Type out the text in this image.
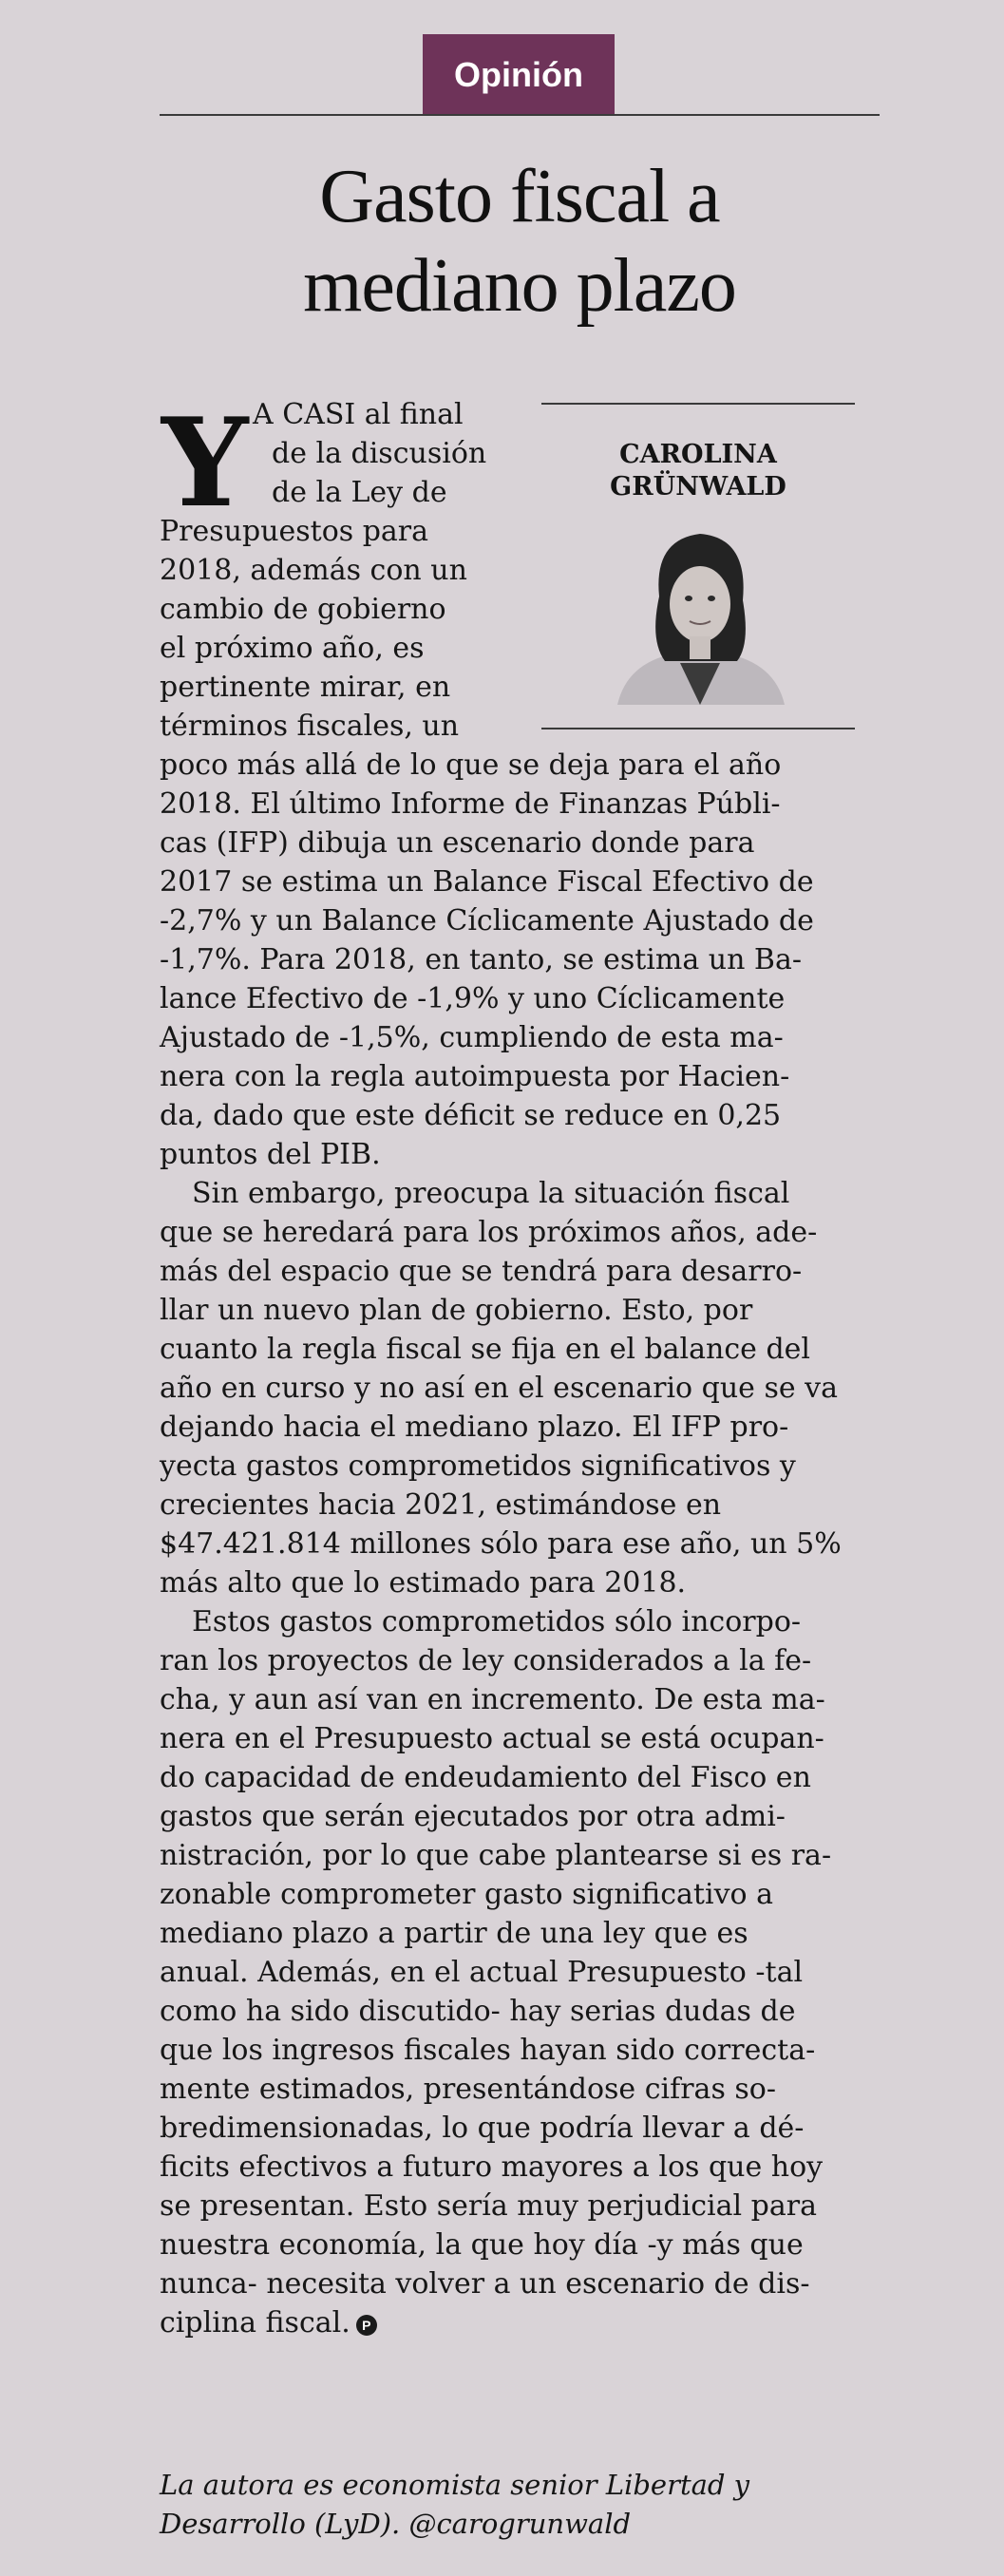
Opinión
Gasto fiscal a
mediano plazo
Y A CASI al final
de la discusión
de la Ley de
Presupuestos para
2018, además con un
cambio de gobierno
el próximo año, es
pertinente mirar, en
términos fiscales, un
CAROLINA
GRÜNWALD
poco más allá de lo que se deja para el año
2018. El último Informe de Finanzas Públi-
cas (IFP) dibuja un escenario donde para
2017 se estima un Balance Fiscal Efectivo de
-2,7% y un Balance Cíclicamente Ajustado de
-1,7%. Para 2018, en tanto, se estima un Ba-
lance Efectivo de -1,9% y uno Cíclicamente
Ajustado de -1,5%, cumpliendo de esta ma-
nera con la regla autoimpuesta por Hacien-
da, dado que este déficit se reduce en 0,25
puntos del PIB.
Sin embargo, preocupa la situación fiscal
que se heredará para los próximos años, ade-
más del espacio que se tendrá para desarro-
llar un nuevo plan de gobierno. Esto, por
cuanto la regla fiscal se fija en el balance del
año en curso y no así en el escenario que se va
dejando hacia el mediano plazo. El IFP pro-
yecta gastos comprometidos significativos y
crecientes hacia 2021, estimándose en
$47.421.814 millones sólo para ese año, un 5%
más alto que lo estimado para 2018.
Estos gastos comprometidos sólo incorpo-
ran los proyectos de ley considerados a la fe-
cha, y aun así van en incremento. De esta ma-
nera en el Presupuesto actual se está ocupan-
do capacidad de endeudamiento del Fisco en
gastos que serán ejecutados por otra admi-
nistración, por lo que cabe plantearse si es ra-
zonable comprometer gasto significativo a
mediano plazo a partir de una ley que es
anual. Además, en el actual Presupuesto -tal
como ha sido discutido- hay serias dudas de
que los ingresos fiscales hayan sido correcta-
mente estimados, presentándose cifras so-
bredimensionadas, lo que podría llevar a dé-
ficits efectivos a futuro mayores a los que hoy
se presentan. Esto sería muy perjudicial para
nuestra economía, la que hoy día -y más que
nunca- necesita volver a un escenario de dis-
ciplina fiscal. P
La autora es economista senior Libertad y
Desarrollo (LyD). @carogrunwald
